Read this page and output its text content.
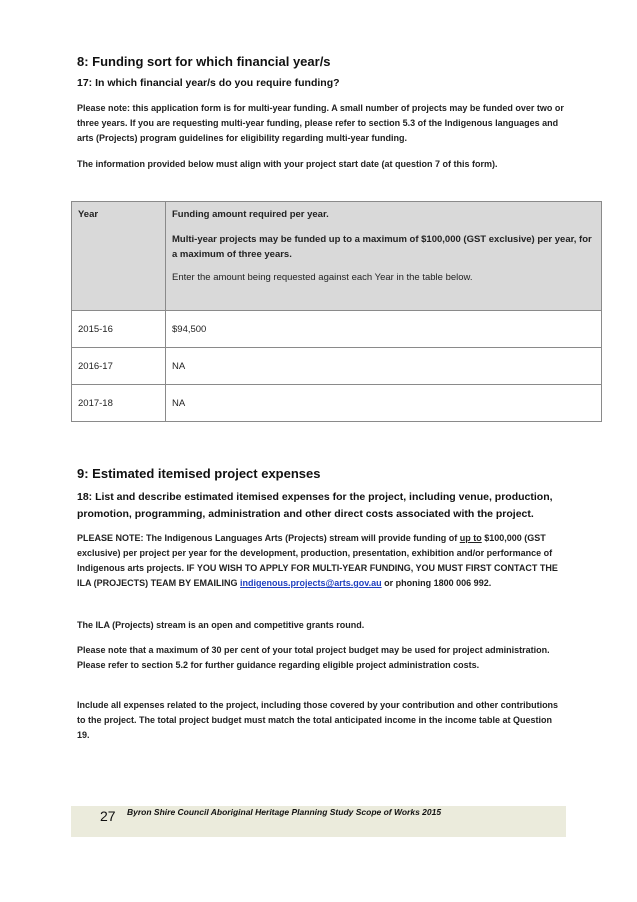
8: Funding sort for which financial year/s
17: In which financial year/s do you require funding?
Please note: this application form is for multi-year funding. A small number of projects may be funded over two or three years. If you are requesting multi-year funding, please refer to section 5.3 of the Indigenous languages and arts (Projects) program guidelines for eligibility regarding multi-year funding.
The information provided below must align with your project start date (at question 7 of this form).
Year	Funding amount required per year.
Multi-year projects may be funded up to a maximum of $100,000 (GST exclusive) per year, for a maximum of three years.
Enter the amount being requested against each Year in the table below.

2015-16	$94,500
2016-17	NA
2017-18	NA
9: Estimated itemised project expenses
18: List and describe estimated itemised expenses for the project, including venue, production, promotion, programming, administration and other direct costs associated with the project.
PLEASE NOTE: The Indigenous Languages Arts (Projects) stream will provide funding of up to $100,000 (GST exclusive) per project per year for the development, production, presentation, exhibition and/or performance of Indigenous arts projects. IF YOU WISH TO APPLY FOR MULTI-YEAR FUNDING, YOU MUST FIRST CONTACT THE ILA (PROJECTS) TEAM BY EMAILING indigenous.projects@arts.gov.au or phoning 1800 006 992.
The ILA (Projects) stream is an open and competitive grants round.
Please note that a maximum of 30 per cent of your total project budget may be used for project administration. Please refer to section 5.2 for further guidance regarding eligible project administration costs.
Include all expenses related to the project, including those covered by your contribution and other contributions to the project. The total project budget must match the total anticipated income in the income table at Question 19.
27 Byron Shire Council Aboriginal Heritage Planning Study Scope of Works 2015
